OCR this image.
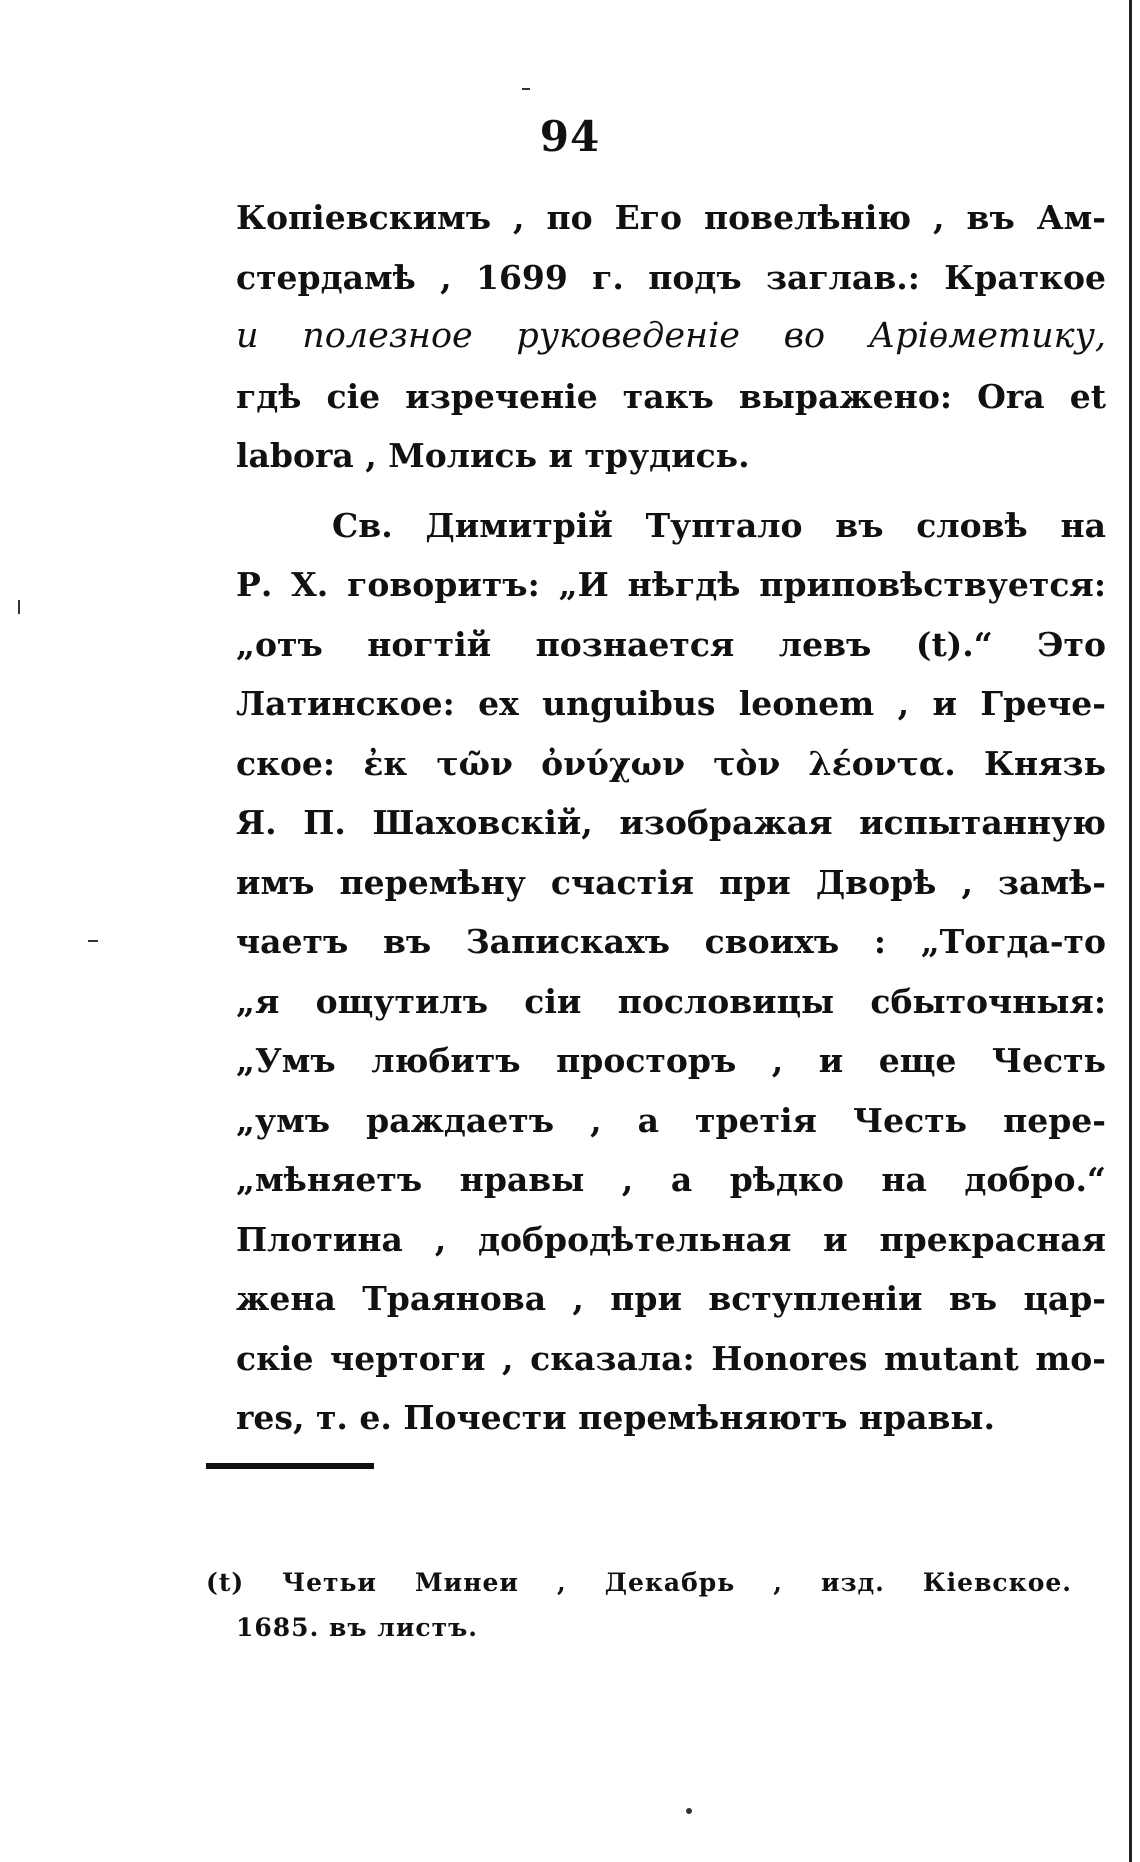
94
Копіевскимъ , по Его повелѣнію , въ Ам-
стердамѣ , 1699 г. подъ заглав.: Краткое
и полезное руковеденіе во Аріѳметику,
гдѣ сіе изреченіе такъ выражено: Ora et
labora , Молись и трудись.
Св. Димитрій Тупталo въ словѣ на
Р. Х. говоритъ: „И нѣгдѣ приповѣствуется:
„отъ ногтій познается левъ (t).“ Это
Латинское: ex unguibus leonem , и Грече-
ское: ἐκ τῶν ὀνύχων τὸν λέοντα. Князь
Я. П. Шаховскій, изображая испытанную
имъ перемѣну счастія при Дворѣ , замѣ-
чаетъ въ Запискахъ своихъ : „Тогда-то
„я ощутилъ сіи пословицы сбыточныя:
„Умъ любитъ просторъ , и еще Честь
„умъ раждаетъ , а третія Честь пере-
„мѣняетъ нравы , а рѣдко на добро.“
Плотина , добродѣтельная и прекрасная
жена Траянова , при вступленіи въ цар-
скіе чертоги , сказала: Honores mutant mo-
res, т. е. Почести перемѣняютъ нравы.
(t) Четьи Минеи , Декабрь , изд. Кіевское.
1685. въ листъ.
